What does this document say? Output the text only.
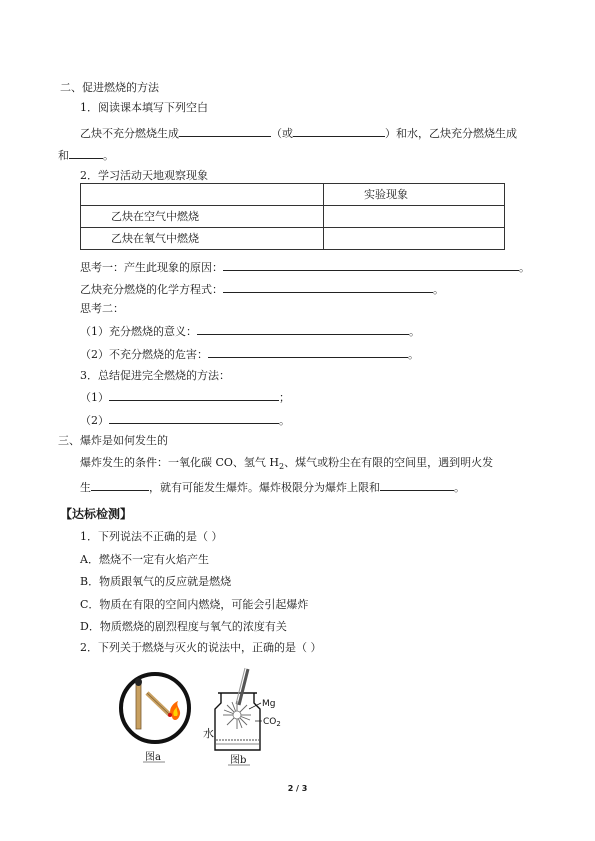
二、促进燃烧的方法
1．阅读课本填写下列空白
乙炔不充分燃烧生成	（或	）和水，乙炔充分燃烧生成
和	。
2．学习活动天地观察现象
	实验现象
乙炔在空气中燃烧	
乙炔在氧气中燃烧	
思考一：产生此现象的原因：	。
乙炔充分燃烧的化学方程式：	。
思考二：
（1）充分燃烧的意义：	。
（2）不充分燃烧的危害：	。
3．总结促进完全燃烧的方法：
（1）	；
（2）	。
三、爆炸是如何发生的
爆炸发生的条件：一氧化碳 CO、氢气 $H_2$、煤气或粉尘在有限的空间里，遇到明火发
生	，就有可能发生爆炸。爆炸极限分为爆炸上限和	。
【达标检测】
1．下列说法不正确的是（ ）
A．燃烧不一定有火焰产生
B．物质跟氧气的反应就是燃烧
C．物质在有限的空间内燃烧，可能会引起爆炸
D．物质燃烧的剧烈程度与氧气的浓度有关
2．下列关于燃烧与灭火的说法中，正确的是（ ）
水
Mg
$CO_2$
图a	图b
2 / 3
